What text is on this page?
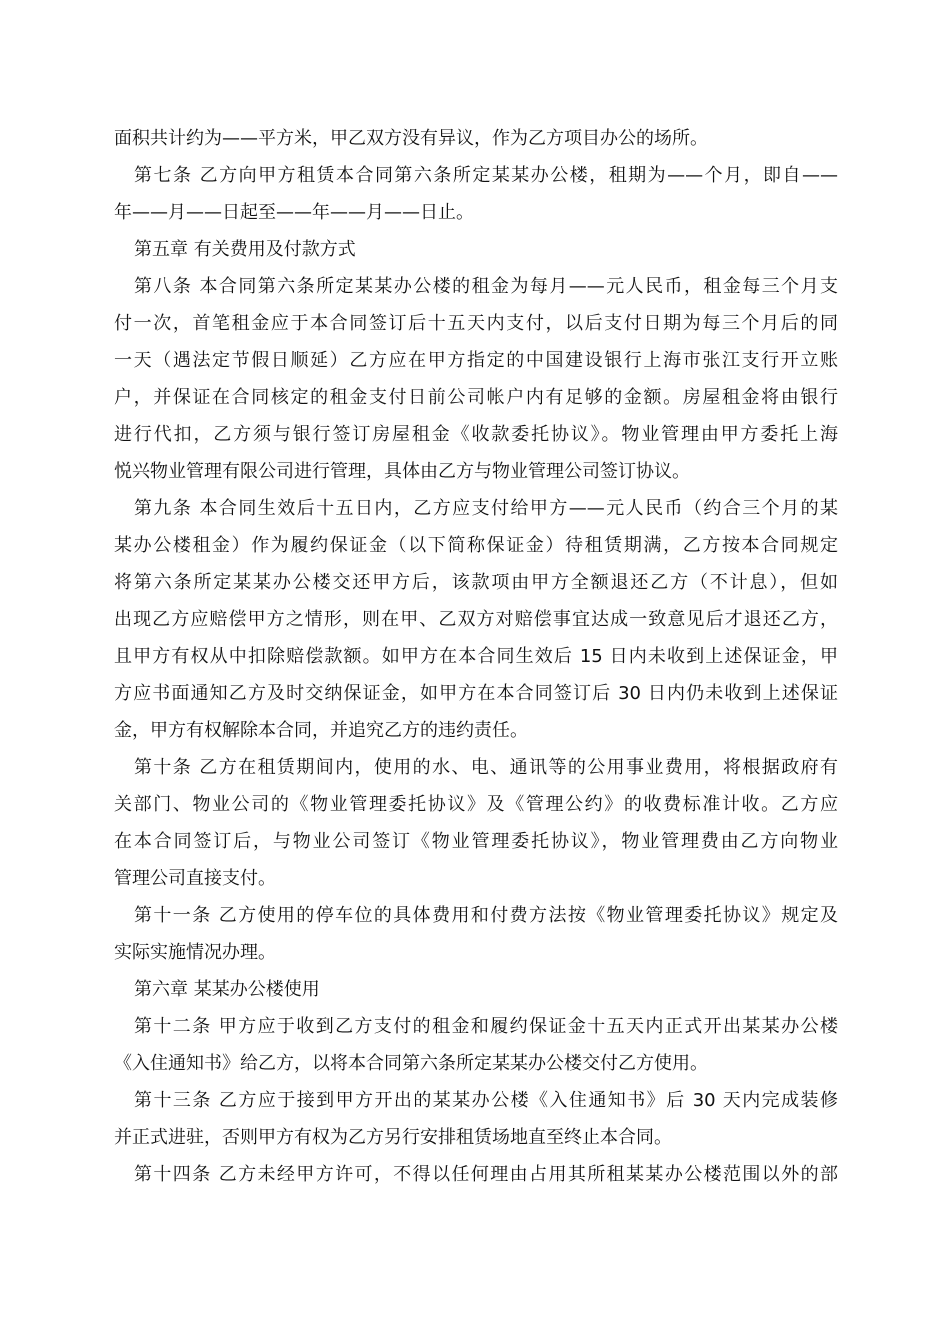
面积共计约为——平方米，甲乙双方没有异议，作为乙方项目办公的场所。
第七条 乙方向甲方租赁本合同第六条所定某某办公楼，租期为——个月，即自——
年——月——日起至——年——月——日止。
第五章 有关费用及付款方式
第八条 本合同第六条所定某某办公楼的租金为每月——元人民币，租金每三个月支
付一次，首笔租金应于本合同签订后十五天内支付，以后支付日期为每三个月后的同
一天（遇法定节假日顺延）乙方应在甲方指定的中国建设银行上海市张江支行开立账
户，并保证在合同核定的租金支付日前公司帐户内有足够的金额。房屋租金将由银行
进行代扣，乙方须与银行签订房屋租金《收款委托协议》。物业管理由甲方委托上海
悦兴物业管理有限公司进行管理，具体由乙方与物业管理公司签订协议。
第九条 本合同生效后十五日内，乙方应支付给甲方——元人民币（约合三个月的某
某办公楼租金）作为履约保证金（以下简称保证金）待租赁期满，乙方按本合同规定
将第六条所定某某办公楼交还甲方后，该款项由甲方全额退还乙方（不计息），但如
出现乙方应赔偿甲方之情形，则在甲、乙双方对赔偿事宜达成一致意见后才退还乙方，
且甲方有权从中扣除赔偿款额。如甲方在本合同生效后 15 日内未收到上述保证金，甲
方应书面通知乙方及时交纳保证金，如甲方在本合同签订后 30 日内仍未收到上述保证
金，甲方有权解除本合同，并追究乙方的违约责任。
第十条 乙方在租赁期间内，使用的水、电、通讯等的公用事业费用，将根据政府有
关部门、物业公司的《物业管理委托协议》及《管理公约》的收费标准计收。乙方应
在本合同签订后，与物业公司签订《物业管理委托协议》，物业管理费由乙方向物业
管理公司直接支付。
第十一条 乙方使用的停车位的具体费用和付费方法按《物业管理委托协议》规定及
实际实施情况办理。
第六章 某某办公楼使用
第十二条 甲方应于收到乙方支付的租金和履约保证金十五天内正式开出某某办公楼
《入住通知书》给乙方，以将本合同第六条所定某某办公楼交付乙方使用。
第十三条 乙方应于接到甲方开出的某某办公楼《入住通知书》后 30 天内完成装修
并正式进驻，否则甲方有权为乙方另行安排租赁场地直至终止本合同。
第十四条 乙方未经甲方许可，不得以任何理由占用其所租某某办公楼范围以外的部
